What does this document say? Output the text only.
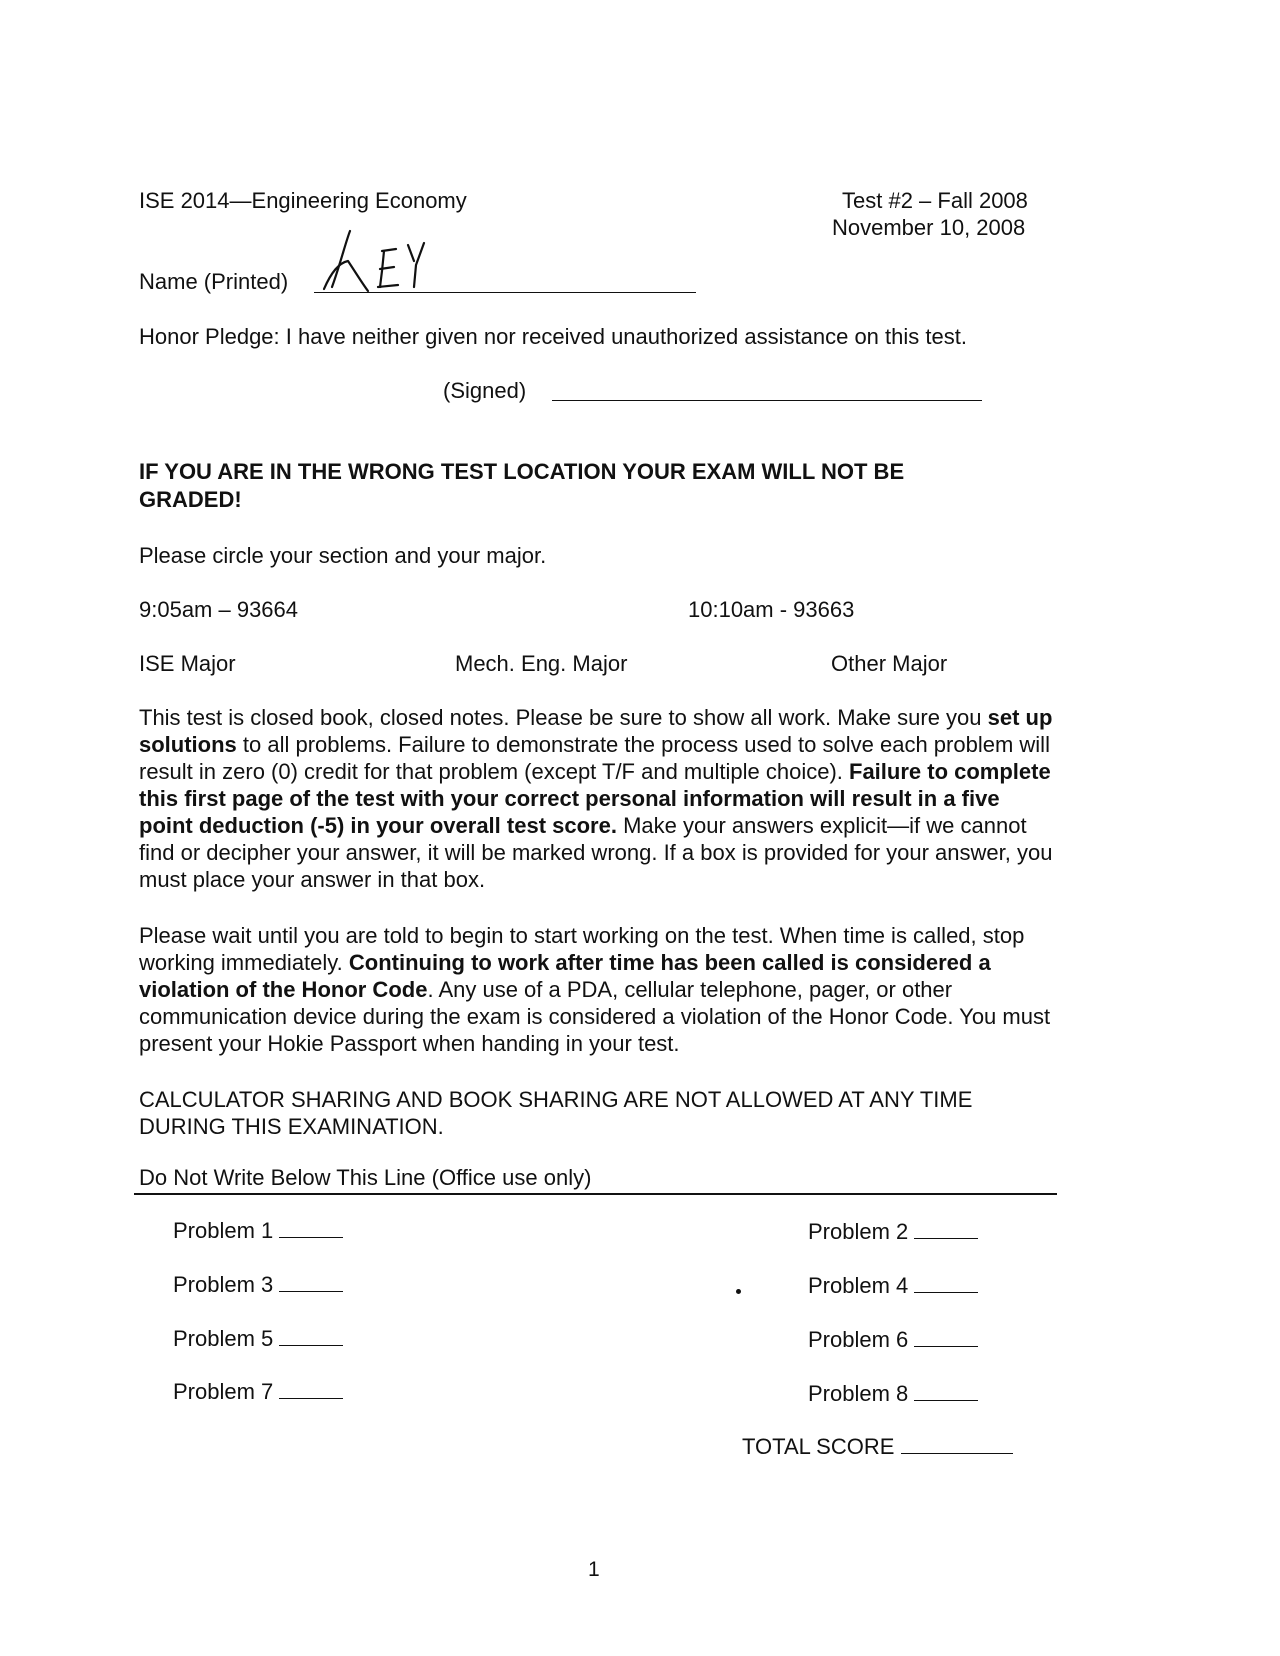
ISE 2014—Engineering Economy	Test #2 – Fall 2008
November 10, 2008
Name (Printed)
Honor Pledge: I have neither given nor received unauthorized assistance on this test.
(Signed)
IF YOU ARE IN THE WRONG TEST LOCATION YOUR EXAM WILL NOT BE
GRADED!
Please circle your section and your major.
9:05am – 93664	10:10am - 93663
ISE Major	Mech. Eng. Major	Other Major

This test is closed book, closed notes. Please be sure to show all work. Make sure you set up solutions to all problems. Failure to demonstrate the process used to solve each problem will result in zero (0) credit for that problem (except T/F and multiple choice). Failure to complete this first page of the test with your correct personal information will result in a five point deduction (-5) in your overall test score. Make your answers explicit—if we cannot find or decipher your answer, it will be marked wrong. If a box is provided for your answer, you must place your answer in that box.

Please wait until you are told to begin to start working on the test. When time is called, stop working immediately. Continuing to work after time has been called is considered a violation of the Honor Code. Any use of a PDA, cellular telephone, pager, or other communication device during the exam is considered a violation of the Honor Code. You must present your Hokie Passport when handing in your test.

CALCULATOR SHARING AND BOOK SHARING ARE NOT ALLOWED AT ANY TIME DURING THIS EXAMINATION.

Do Not Write Below This Line (Office use only)
Problem 1	Problem 2
Problem 3	Problem 4
Problem 5	Problem 6
Problem 7	Problem 8
TOTAL SCORE
1
